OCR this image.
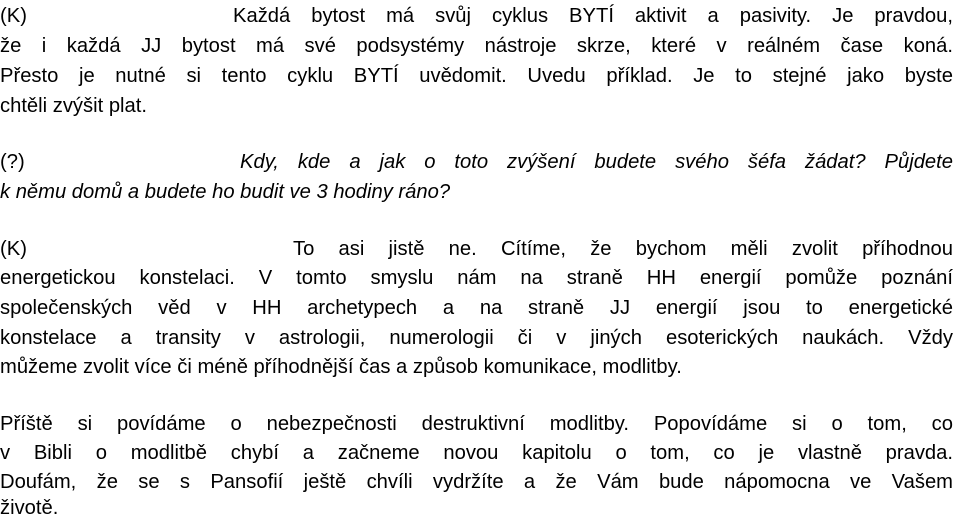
(K)	Každá bytost má svůj cyklus BYTÍ aktivit a pasivity. Je pravdou,
že i každá JJ bytost má své podsystémy nástroje skrze, které v reálném čase koná.
Přesto je nutné si tento cyklu BYTÍ uvědomit. Uvedu příklad. Je to stejné jako byste
chtěli zvýšit plat.
(?)	Kdy, kde a jak o toto zvýšení budete svého šéfa žádat? Půjdete
k němu domů a budete ho budit ve 3 hodiny ráno?
(K)	To asi jistě ne. Cítíme, že bychom měli zvolit příhodnou
energetickou konstelaci. V tomto smyslu nám na straně HH energií pomůže poznání
společenských věd v HH archetypech a na straně JJ energií jsou to energetické
konstelace a transity v astrologii, numerologii či v jiných esoterických naukách. Vždy
můžeme zvolit více či méně příhodnější čas a způsob komunikace, modlitby.
Příště si povídáme o nebezpečnosti destruktivní modlitby. Popovídáme si o tom, co
v Bibli o modlitbě chybí a začneme novou kapitolu o tom, co je vlastně pravda.
Doufám, že se s Pansofií ještě chvíli vydržíte a že Vám bude nápomocna ve Vašem
životě.
